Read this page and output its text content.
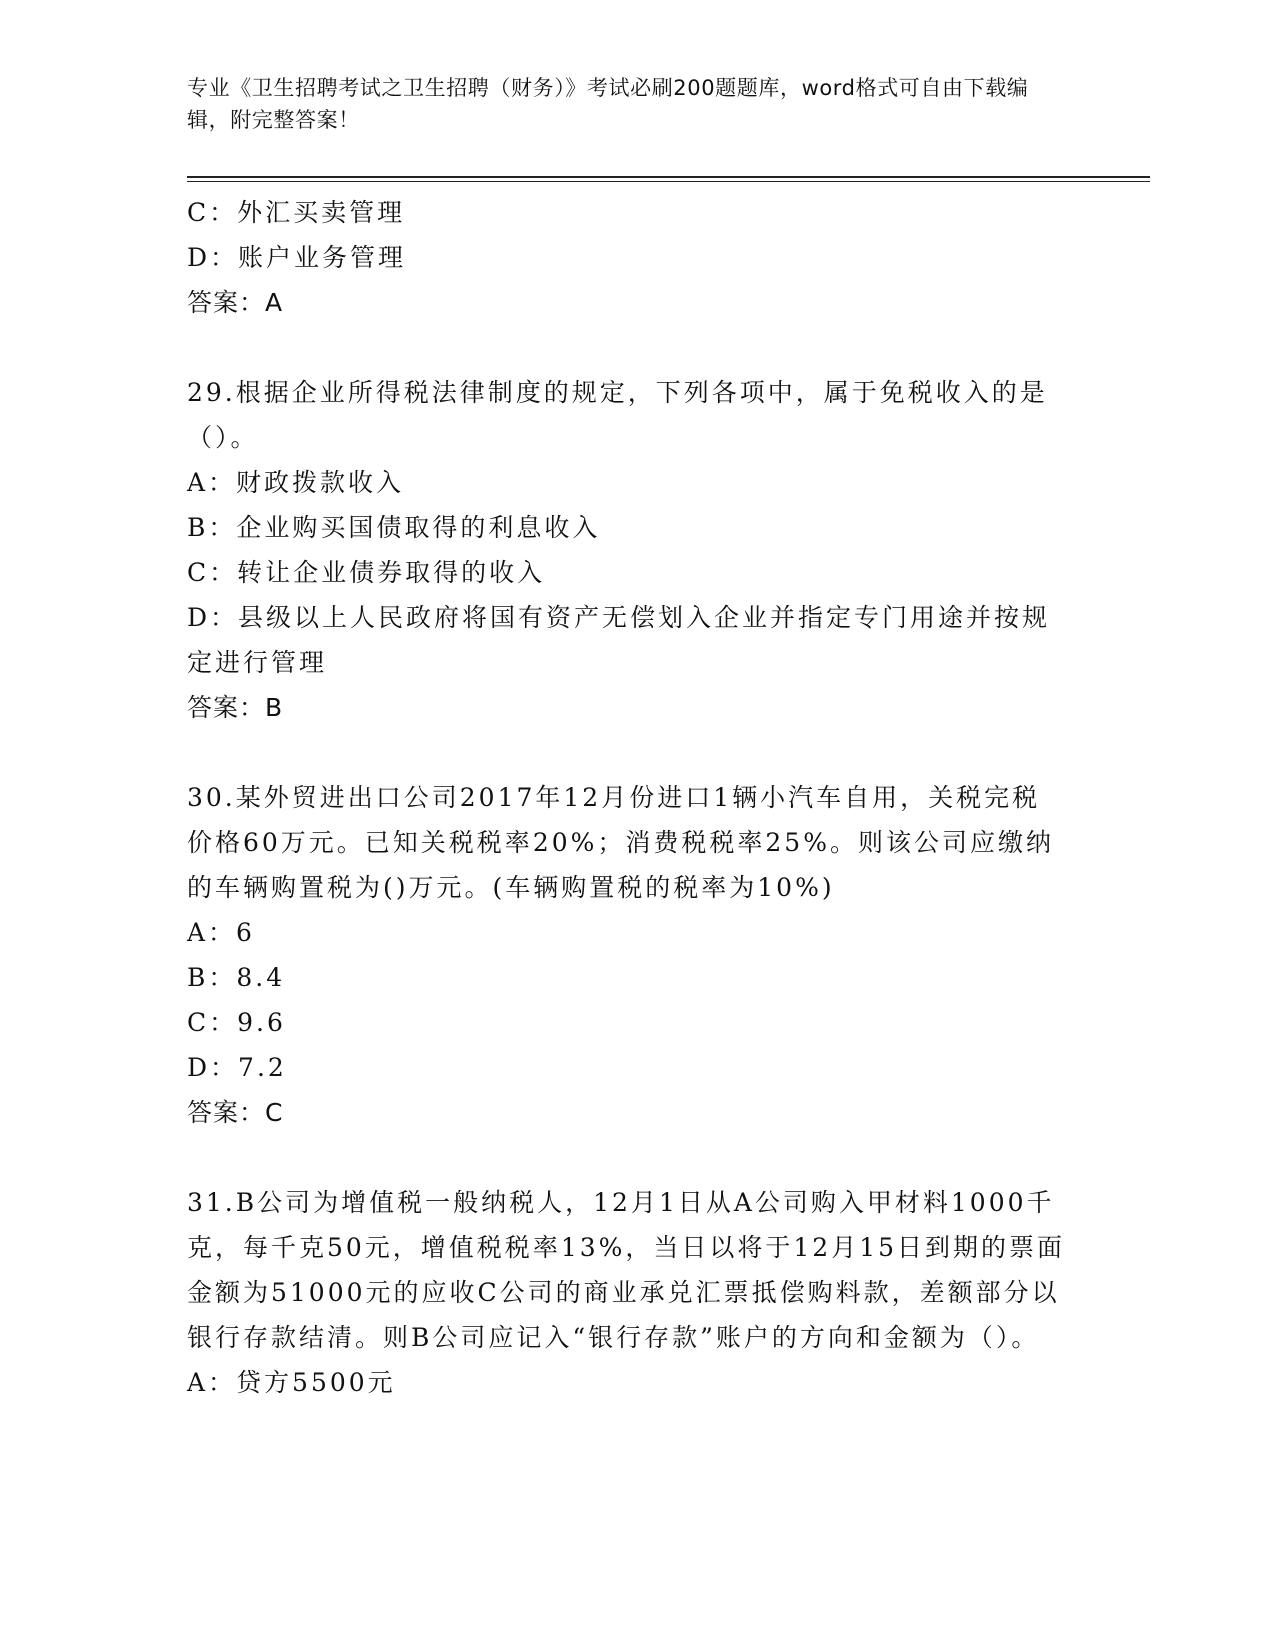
专业《卫生招聘考试之卫生招聘（财务）》考试必刷200题题库，word格式可自由下载编辑，附完整答案！
C：外汇买卖管理
D：账户业务管理
答案：A
29.根据企业所得税法律制度的规定，下列各项中，属于免税收入的是（）。
A：财政拨款收入
B：企业购买国债取得的利息收入
C：转让企业债券取得的收入
D：县级以上人民政府将国有资产无偿划入企业并指定专门用途并按规定进行管理
答案：B
30.某外贸进出口公司2017年12月份进口1辆小汽车自用，关税完税价格60万元。已知关税税率20%；消费税税率25%。则该公司应缴纳的车辆购置税为()万元。(车辆购置税的税率为10%)
A：6
B：8.4
C：9.6
D：7.2
答案：C
31.B公司为增值税一般纳税人，12月1日从A公司购入甲材料1000千克，每千克50元，增值税税率13%，当日以将于12月15日到期的票面金额为51000元的应收C公司的商业承兑汇票抵偿购料款，差额部分以银行存款结清。则B公司应记入“银行存款”账户的方向和金额为（）。
A：贷方5500元
